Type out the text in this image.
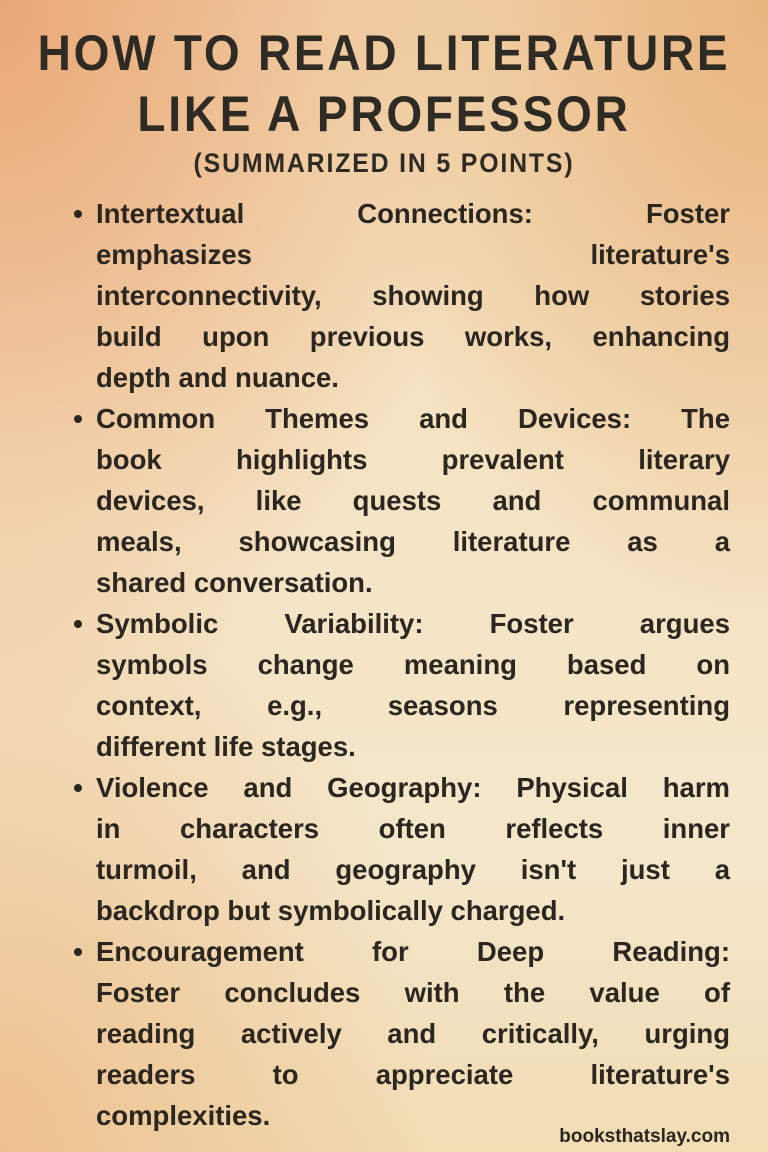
HOW TO READ LITERATURE
LIKE A PROFESSOR
(SUMMARIZED IN 5 POINTS)
Intertextual Connections: Foster
emphasizes literature's
interconnectivity, showing how stories
build upon previous works, enhancing
depth and nuance.
Common Themes and Devices: The
book highlights prevalent literary
devices, like quests and communal
meals, showcasing literature as a
shared conversation.
Symbolic Variability: Foster argues
symbols change meaning based on
context, e.g., seasons representing
different life stages.
Violence and Geography: Physical harm
in characters often reflects inner
turmoil, and geography isn't just a
backdrop but symbolically charged.
Encouragement for Deep Reading:
Foster concludes with the value of
reading actively and critically, urging
readers to appreciate literature's
complexities.
booksthatslay.com
